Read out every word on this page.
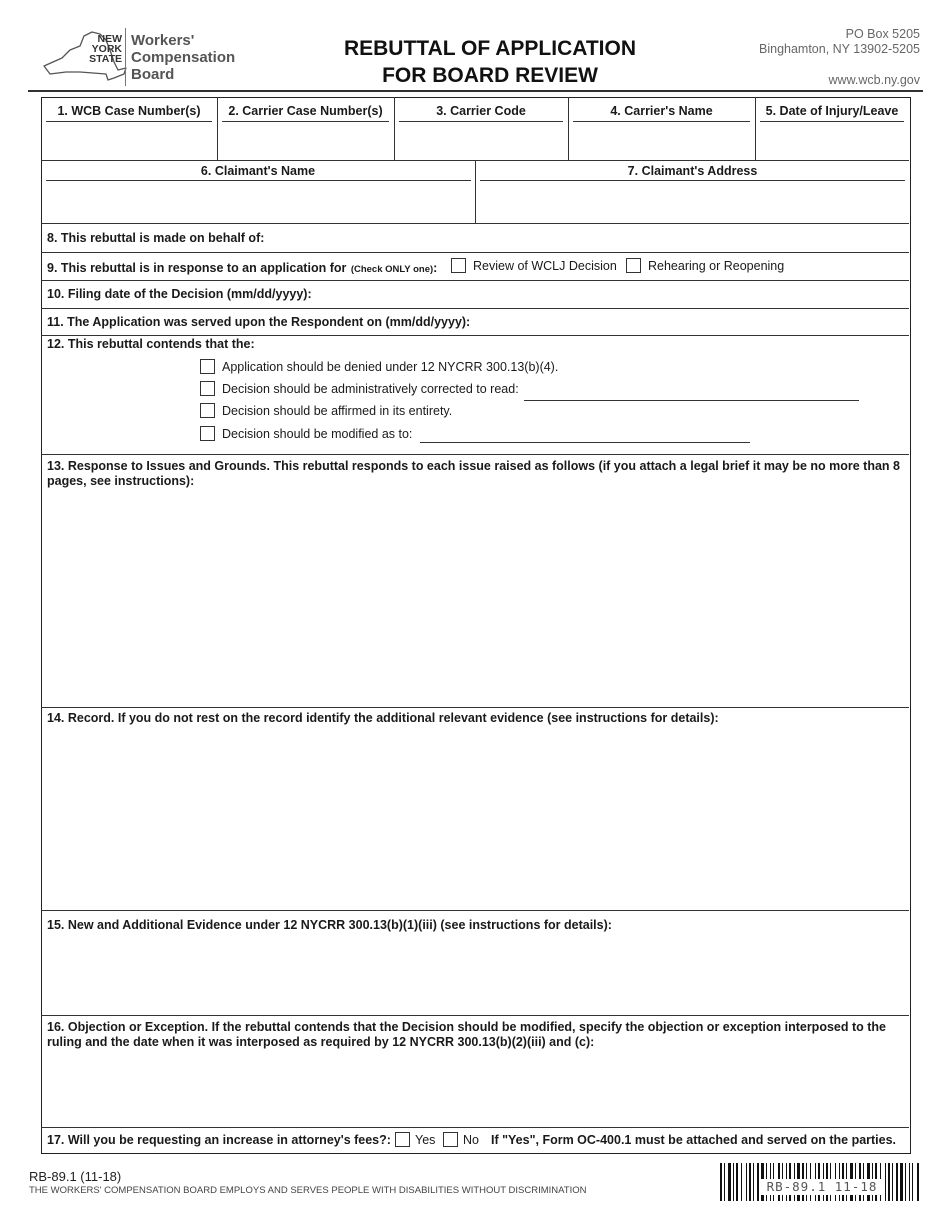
NEW
YORK
STATE
Workers'
Compensation
Board
REBUTTAL OF APPLICATION
FOR BOARD REVIEW
PO Box 5205
Binghamton, NY 13902-5205
www.wcb.ny.gov
1. WCB Case Number(s)	2. Carrier Case Number(s)	3. Carrier Code	4. Carrier's Name	5. Date of Injury/Leave
6. Claimant's Name	7. Claimant's Address
8. This rebuttal is made on behalf of:
9. This rebuttal is in response to an application for (Check ONLY one):	Review of WCLJ Decision Rehearing or Reopening
10. Filing date of the Decision (mm/dd/yyyy):
11. The Application was served upon the Respondent on (mm/dd/yyyy):
12. This rebuttal contends that the:
Application should be denied under 12 NYCRR 300.13(b)(4).
Decision should be administratively corrected to read:
Decision should be affirmed in its entirety.
Decision should be modified as to:
13. Response to Issues and Grounds. This rebuttal responds to each issue raised as follows (if you attach a legal brief it may be no more than 8 pages, see instructions):
14. Record. If you do not rest on the record identify the additional relevant evidence (see instructions for details):
15. New and Additional Evidence under 12 NYCRR 300.13(b)(1)(iii) (see instructions for details):
16. Objection or Exception. If the rebuttal contends that the Decision should be modified, specify the objection or exception interposed to the ruling and the date when it was interposed as required by 12 NYCRR 300.13(b)(2)(iii) and (c):
17. Will you be requesting an increase in attorney's fees?: Yes No If "Yes", Form OC-400.1 must be attached and served on the parties.
RB-89.1 (11-18)
THE WORKERS' COMPENSATION BOARD EMPLOYS AND SERVES PEOPLE WITH DISABILITIES WITHOUT DISCRIMINATION	RB-89.1 11-18
